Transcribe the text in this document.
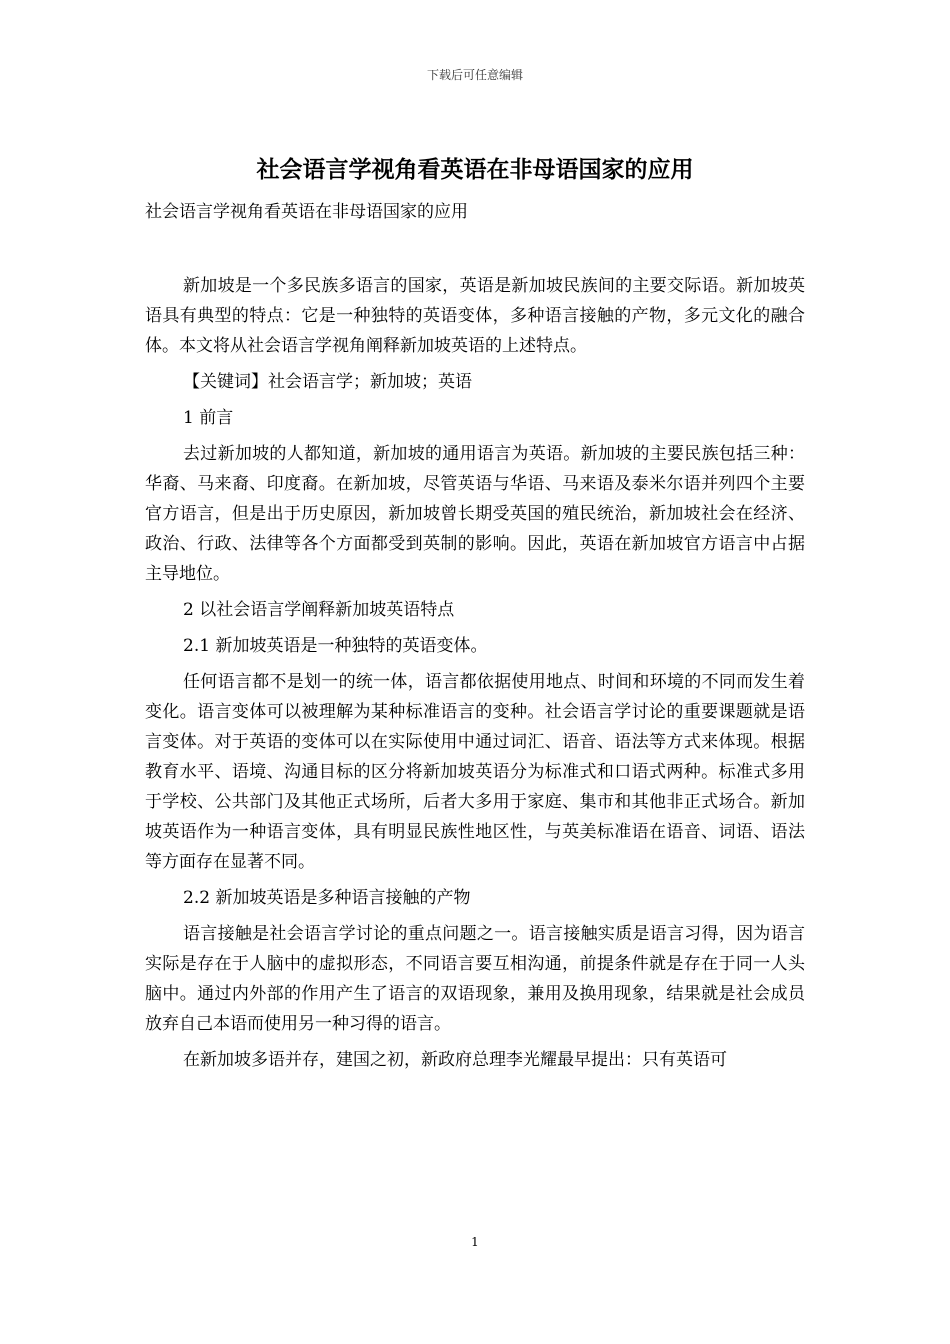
下载后可任意编辑
社会语言学视角看英语在非母语国家的应用
社会语言学视角看英语在非母语国家的应用

新加坡是一个多民族多语言的国家，英语是新加坡民族间的主要交际语。新加坡英语具有典型的特点：它是一种独特的英语变体，多种语言接触的产物，多元文化的融合体。本文将从社会语言学视角阐释新加坡英语的上述特点。

【关键词】社会语言学；新加坡；英语

1 前言

去过新加坡的人都知道，新加坡的通用语言为英语。新加坡的主要民族包括三种：华裔、马来裔、印度裔。在新加坡，尽管英语与华语、马来语及泰米尔语并列四个主要官方语言，但是出于历史原因，新加坡曾长期受英国的殖民统治，新加坡社会在经济、政治、行政、法律等各个方面都受到英制的影响。因此，英语在新加坡官方语言中占据主导地位。

2 以社会语言学阐释新加坡英语特点

2.1 新加坡英语是一种独特的英语变体。

任何语言都不是划一的统一体，语言都依据使用地点、时间和环境的不同而发生着变化。语言变体可以被理解为某种标准语言的变种。社会语言学讨论的重要课题就是语言变体。对于英语的变体可以在实际使用中通过词汇、语音、语法等方式来体现。根据教育水平、语境、沟通目标的区分将新加坡英语分为标准式和口语式两种。标准式多用于学校、公共部门及其他正式场所，后者大多用于家庭、集市和其他非正式场合。新加坡英语作为一种语言变体，具有明显民族性地区性，与英美标准语在语音、词语、语法等方面存在显著不同。

2.2 新加坡英语是多种语言接触的产物

语言接触是社会语言学讨论的重点问题之一。语言接触实质是语言习得，因为语言实际是存在于人脑中的虚拟形态，不同语言要互相沟通，前提条件就是存在于同一人头脑中。通过内外部的作用产生了语言的双语现象，兼用及换用现象，结果就是社会成员放弃自己本语而使用另一种习得的语言。

在新加坡多语并存，建国之初，新政府总理李光耀最早提出：只有英语可

1
